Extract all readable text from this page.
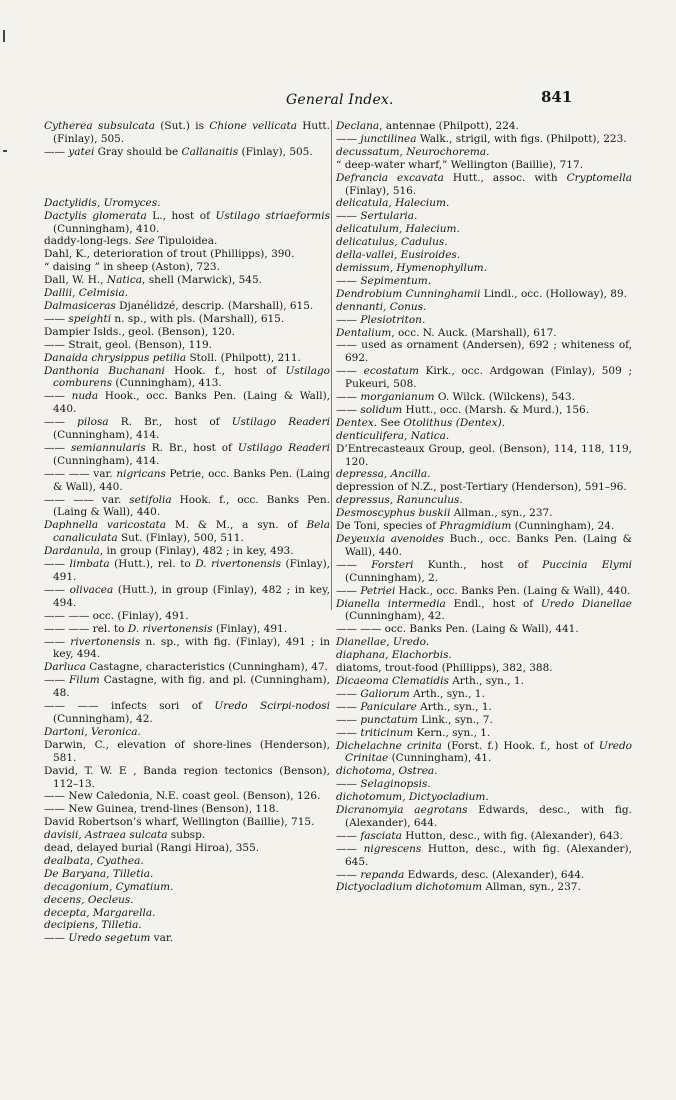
General Index.	841
Cytherea subsulcata (Sut.) is Chione vellicata Hutt. (Finlay), 505.
—— yatei Gray should be Callanaitis (Finlay), 505.
Dactylidis, Uromyces.
Dactylis glomerata L., host of Ustilago striaeformis (Cunningham), 410.
daddy-long-legs. See Tipuloidea.
Dahl, K., deterioration of trout (Phillipps), 390.
“ daising ” in sheep (Aston), 723.
Dall, W. H., Natica, shell (Marwick), 545.
Dallii, Celmisia.
Dalmasiceras Djanélidzé, descrip. (Marshall), 615.
—— speighti n. sp., with pls. (Marshall), 615.
Dampier Islds., geol. (Benson), 120.
—— Strait, geol. (Benson), 119.
Danaida chrysippus petilia Stoll. (Philpott), 211.
Danthonia Buchanani Hook. f., host of Ustilago comburens (Cunningham), 413.
—— nuda Hook., occ. Banks Pen. (Laing & Wall), 440.
—— pilosa R. Br., host of Ustilago Readeri (Cunningham), 414.
—— semiannularis R. Br., host of Ustilago Readeri (Cunningham), 414.
—— —— var. nigricans Petrie, occ. Banks Pen. (Laing & Wall), 440.
—— —— var. setifolia Hook. f., occ. Banks Pen. (Laing & Wall), 440.
Daphnella varicostata M. & M., a syn. of Bela canaliculata Sut. (Finlay), 500, 511.
Dardanula, in group (Finlay), 482 ; in key, 493.
—— limbata (Hutt.), rel. to D. rivertonensis (Finlay), 491.
—— olivacea (Hutt.), in group (Finlay), 482 ; in key, 494.
—— —— occ. (Finlay), 491.
—— —— rel. to D. rivertonensis (Finlay), 491.
—— rivertonensis n. sp., with fig. (Finlay), 491 ; in key, 494.
Darluca Castagne, characteristics (Cunningham), 47.
—— Filum Castagne, with fig. and pl. (Cunningham), 48.
—— —— infects sori of Uredo Scirpi-nodosi (Cunningham), 42.
Dartoni, Veronica.
Darwin, C., elevation of shore-lines (Henderson), 581.
David, T. W. E , Banda region tectonics (Benson), 112–13.
—— New Caledonia, N.E. coast geol. (Benson), 126.
—— New Guinea, trend-lines (Benson), 118.
David Robertson’s wharf, Wellington (Baillie), 715.
davisii, Astraea sulcata subsp.
dead, delayed burial (Rangi Hiroa), 355.
dealbata, Cyathea.
De Baryana, Tilletia.
decagonium, Cymatium.
decens, Oecleus.
decepta, Margarella.
decipiens, Tilletia.
—— Uredo segetum var.
Declana, antennae (Philpott), 224.
—— junctilinea Walk., strigil, with figs. (Philpott), 223.
decussatum, Neurochorema.
“ deep-water wharf,” Wellington (Baillie), 717.
Defrancia excavata Hutt., assoc. with Cryptomella (Finlay), 516.
delicatula, Halecium.
—— Sertularia.
delicatulum, Halecium.
delicatulus, Cadulus.
della-vallei, Eusiroides.
demissum, Hymenophyllum.
—— Sepimentum.
Dendrobium Cunninghamii Lindl., occ. (Holloway), 89.
dennanti, Conus.
—— Plesiotriton.
Dentalium, occ. N. Auck. (Marshall), 617.
—— used as ornament (Andersen), 692 ; whiteness of, 692.
—— ecostatum Kirk., occ. Ardgowan (Finlay), 509 ; Pukeuri, 508.
—— morganianum O. Wilck. (Wilckens), 543.
—— solidum Hutt., occ. (Marsh. & Murd.), 156.
Dentex. See Otolithus (Dentex).
denticulifera, Natica.
D’Entrecasteaux Group, geol. (Benson), 114, 118, 119, 120.
depressa, Ancilla.
depression of N.Z., post-Tertiary (Henderson), 591–96.
depressus, Ranunculus.
Desmoscyphus buskii Allman., syn., 237.
De Toni, species of Phragmidium (Cunningham), 24.
Deyeuxia avenoides Buch., occ. Banks Pen. (Laing & Wall), 440.
—— Forsteri Kunth., host of Puccinia Elymi (Cunningham), 2.
—— Petriei Hack., occ. Banks Pen. (Laing & Wall), 440.
Dianella intermedia Endl., host of Uredo Dianellae (Cunningham), 42.
—— —— occ. Banks Pen. (Laing & Wall), 441.
Dianellae, Uredo.
diaphana, Elachorbis.
diatoms, trout-food (Phillipps), 382, 388.
Dicaeoma Clematidis Arth., syn., 1.
—— Galiorum Arth., syn., 1.
—— Paniculare Arth., syn., 1.
—— punctatum Link., syn., 7.
—— triticinum Kern., syn., 1.
Dichelachne crinita (Forst. f.) Hook. f., host of Uredo Crinitae (Cunningham), 41.
dichotoma, Ostrea.
—— Selaginopsis.
dichotomum, Dictyocladium.
Dicranomyia aegrotans Edwards, desc., with fig. (Alexander), 644.
—— fasciata Hutton, desc., with fig. (Alexander), 643.
—— nigrescens Hutton, desc., with fig. (Alexander), 645.
—— repanda Edwards, desc. (Alexander), 644.
Dictyocladium dichotomum Allman, syn., 237.
